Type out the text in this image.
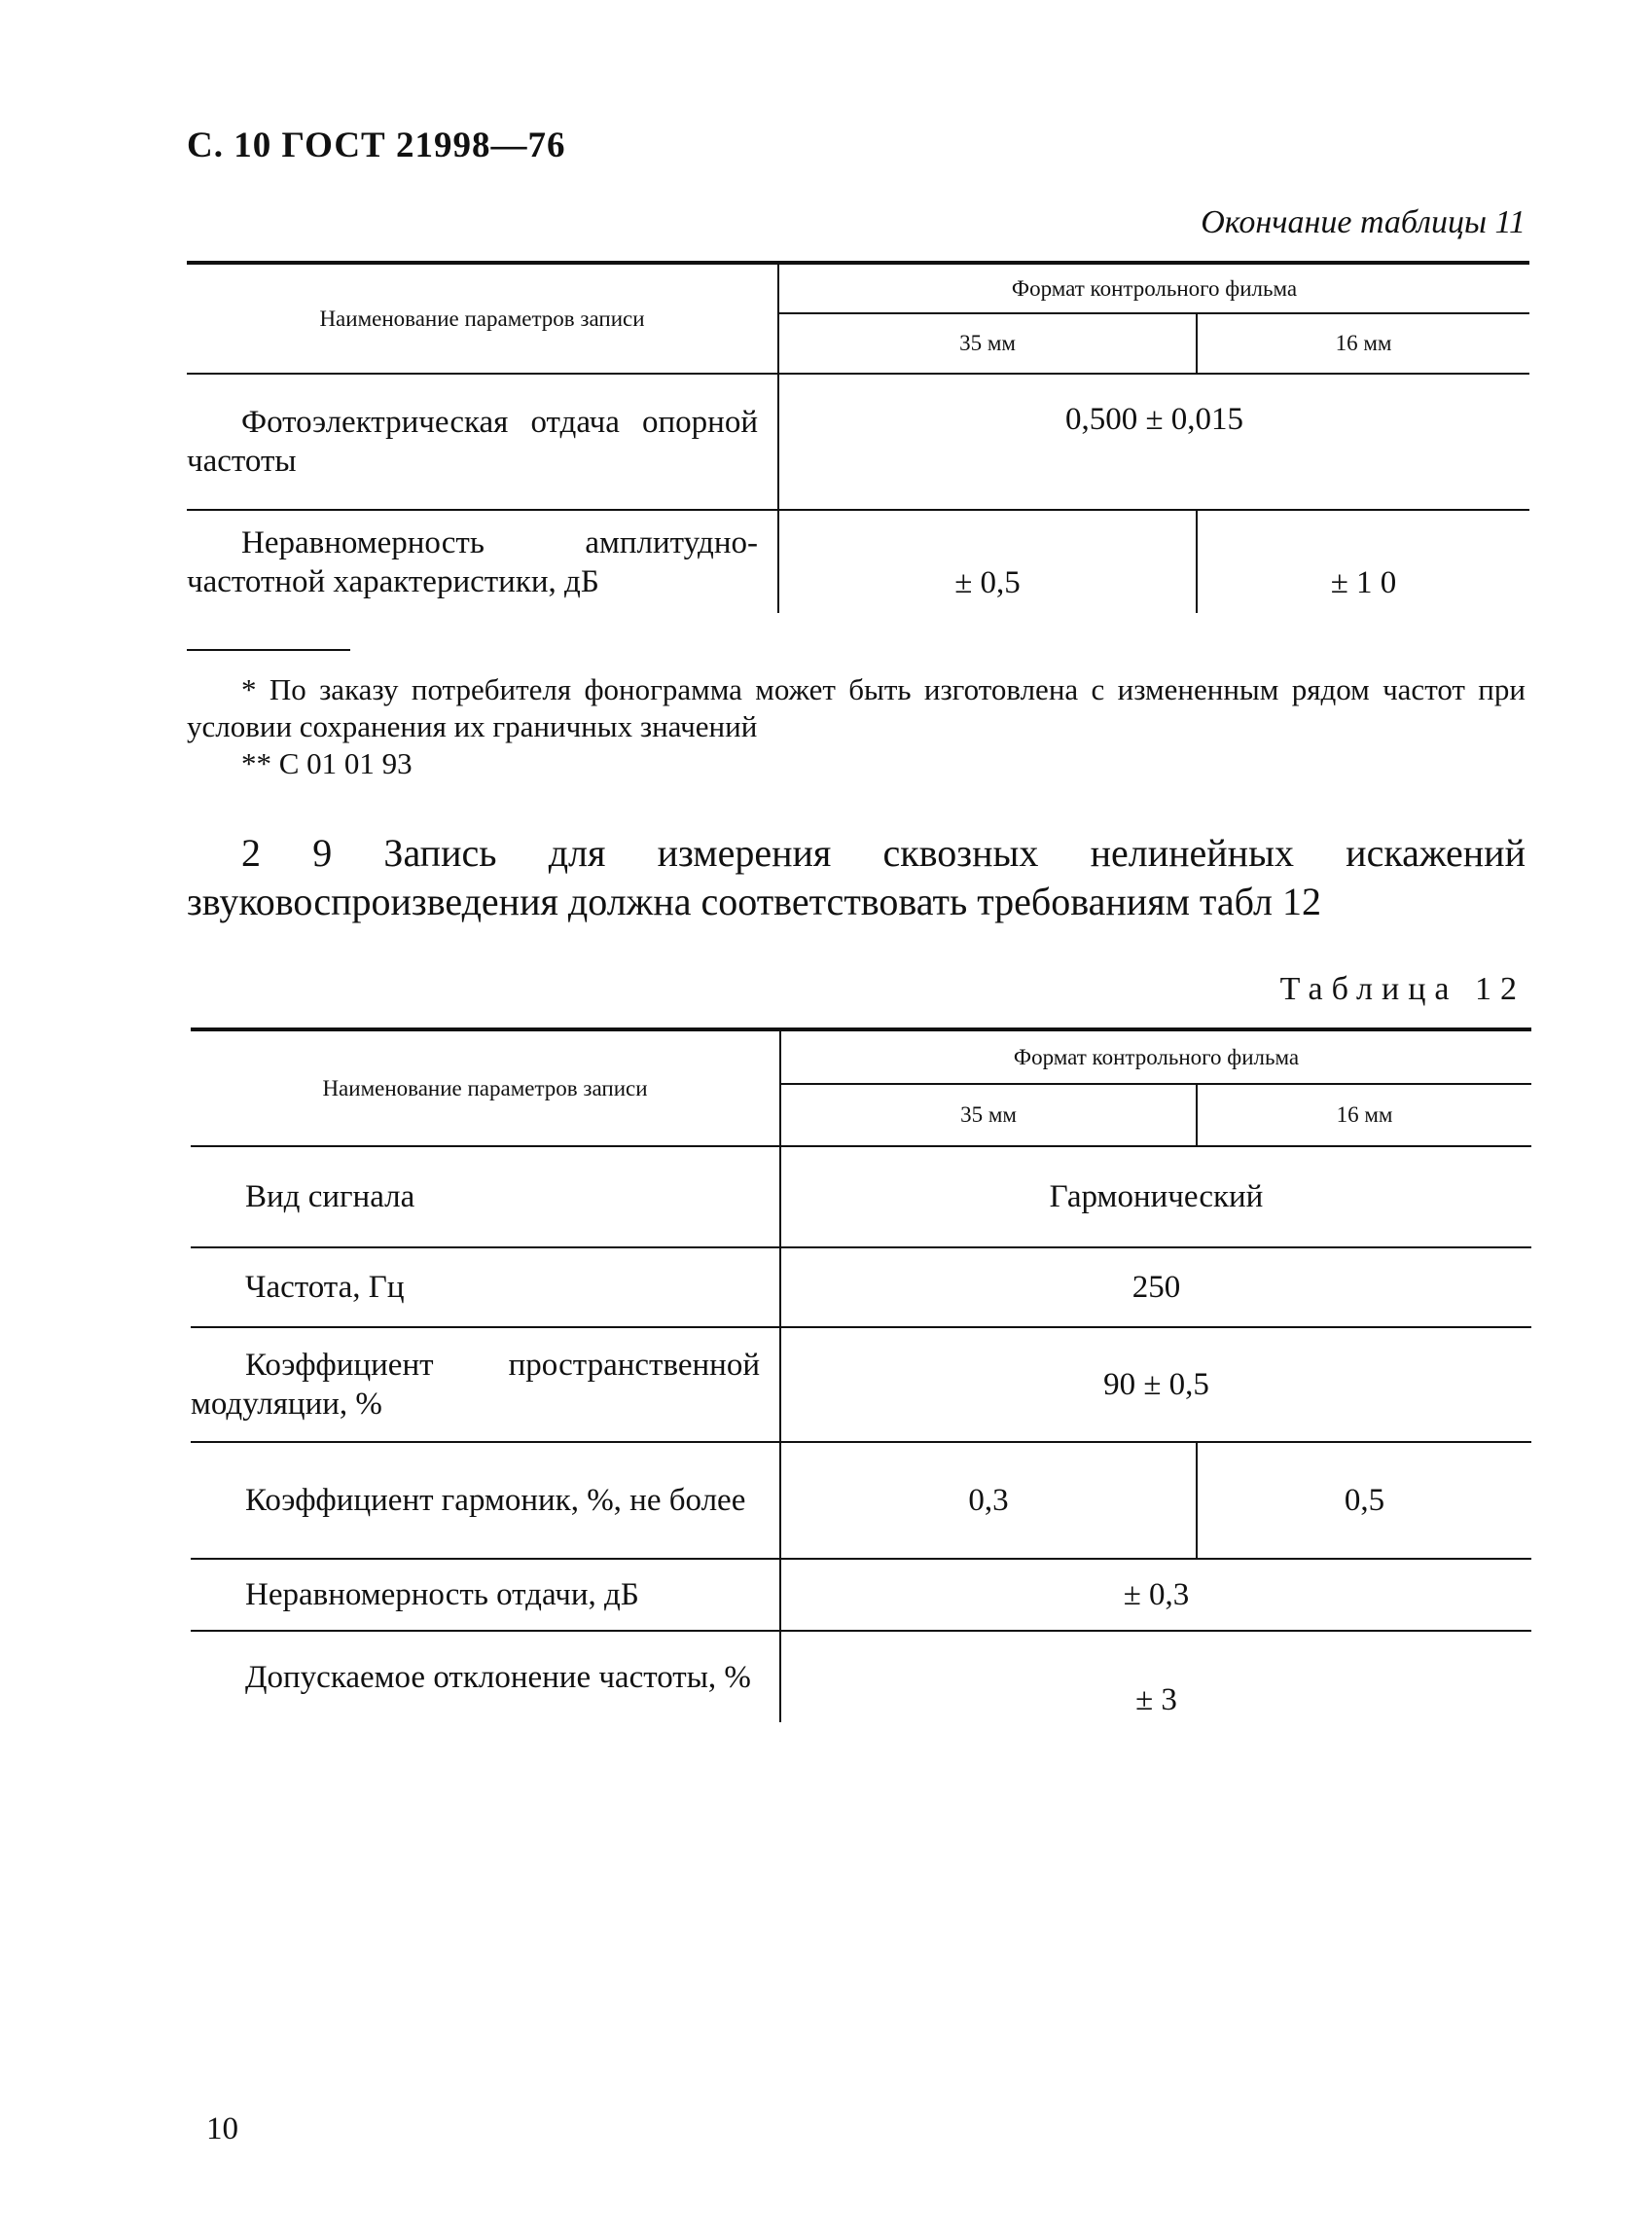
С. 10 ГОСТ 21998—76
Окончание таблицы 11
Наименование параметров записи	Формат контрольного фильма	
	35 мм	16 мм
Фотоэлектрическая отдача опорной частоты	0,500 ± 0,015	
Неравномерность амплитудно-частотной характеристики, дБ	± 0,5	± 1 0
* По заказу потребителя фонограмма может быть изготовлена с измененным рядом частот при условии сохранения их граничных значений
** С 01 01 93
2 9 Запись для измерения сквозных нелинейных искажений звуковоспроизведения должна соответствовать требованиям табл 12
Таблица 12
Наименование параметров записи	Формат контрольного фильма	
	35 мм	16 мм
Вид сигнала	Гармонический	
Частота, Гц	250	
Коэффициент пространственной модуляции, %	90 ± 0,5	
Коэффициент гармоник, %, не более	0,3	0,5
Неравномерность отдачи, дБ	± 0,3	
Допускаемое отклонение частоты, %	± 3	
10
